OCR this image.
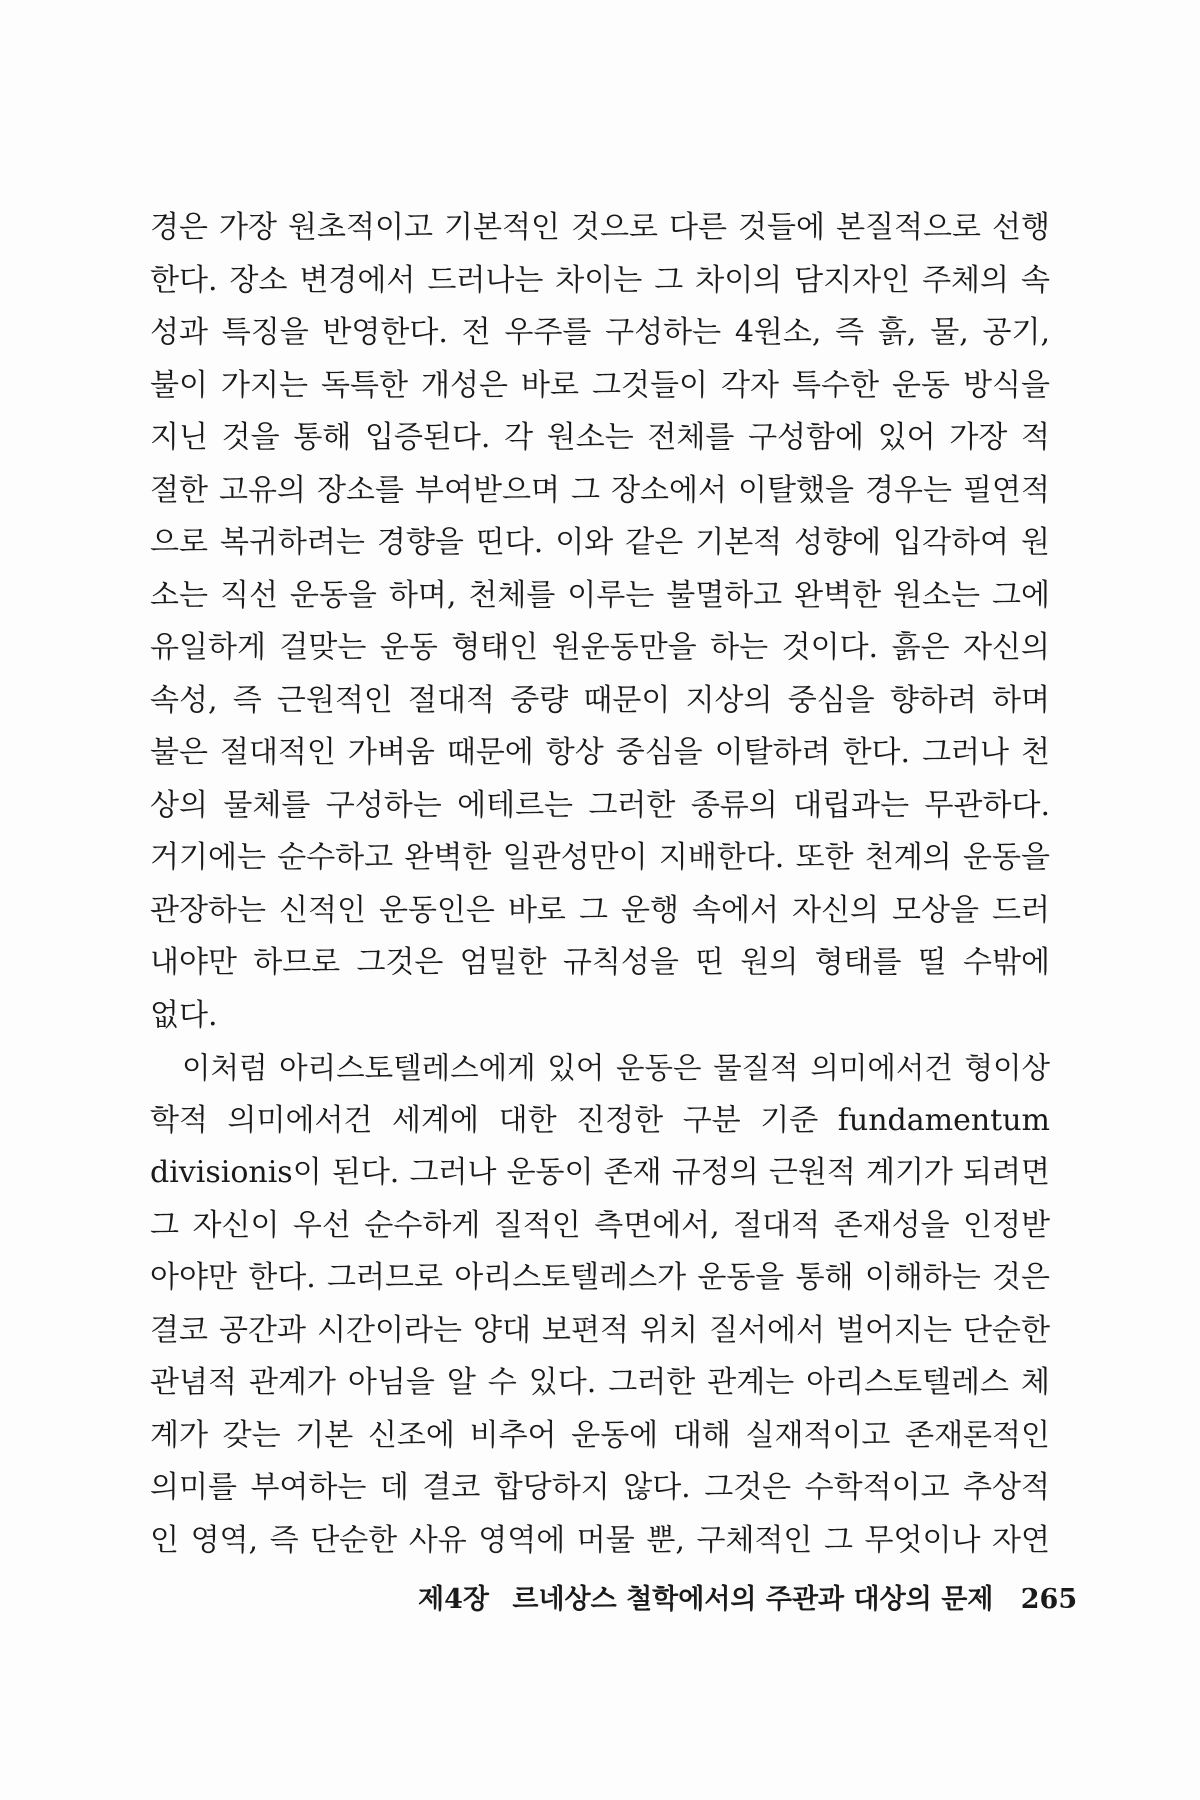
경은 가장 원초적이고 기본적인 것으로 다른 것들에 본질적으로 선행
한다. 장소 변경에서 드러나는 차이는 그 차이의 담지자인 주체의 속
성과 특징을 반영한다. 전 우주를 구성하는 4원소, 즉 흙, 물, 공기,
불이 가지는 독특한 개성은 바로 그것들이 각자 특수한 운동 방식을
지닌 것을 통해 입증된다. 각 원소는 전체를 구성함에 있어 가장 적
절한 고유의 장소를 부여받으며 그 장소에서 이탈했을 경우는 필연적
으로 복귀하려는 경향을 띤다. 이와 같은 기본적 성향에 입각하여 원
소는 직선 운동을 하며, 천체를 이루는 불멸하고 완벽한 원소는 그에
유일하게 걸맞는 운동 형태인 원운동만을 하는 것이다. 흙은 자신의
속성, 즉 근원적인 절대적 중량 때문이 지상의 중심을 향하려 하며
불은 절대적인 가벼움 때문에 항상 중심을 이탈하려 한다. 그러나 천
상의 물체를 구성하는 에테르는 그러한 종류의 대립과는 무관하다.
거기에는 순수하고 완벽한 일관성만이 지배한다. 또한 천계의 운동을
관장하는 신적인 운동인은 바로 그 운행 속에서 자신의 모상을 드러
내야만 하므로 그것은 엄밀한 규칙성을 띤 원의 형태를 띨 수밖에
없다.
이처럼 아리스토텔레스에게 있어 운동은 물질적 의미에서건 형이상
학적 의미에서건 세계에 대한 진정한 구분 기준 fundamentum
divisionis이 된다. 그러나 운동이 존재 규정의 근원적 계기가 되려면
그 자신이 우선 순수하게 질적인 측면에서, 절대적 존재성을 인정받
아야만 한다. 그러므로 아리스토텔레스가 운동을 통해 이해하는 것은
결코 공간과 시간이라는 양대 보편적 위치 질서에서 벌어지는 단순한
관념적 관계가 아님을 알 수 있다. 그러한 관계는 아리스토텔레스 체
계가 갖는 기본 신조에 비추어 운동에 대해 실재적이고 존재론적인
의미를 부여하는 데 결코 합당하지 않다. 그것은 수학적이고 추상적
인 영역, 즉 단순한 사유 영역에 머물 뿐, 구체적인 그 무엇이나 자연
제4장 르네상스 철학에서의 주관과 대상의 문제 265
